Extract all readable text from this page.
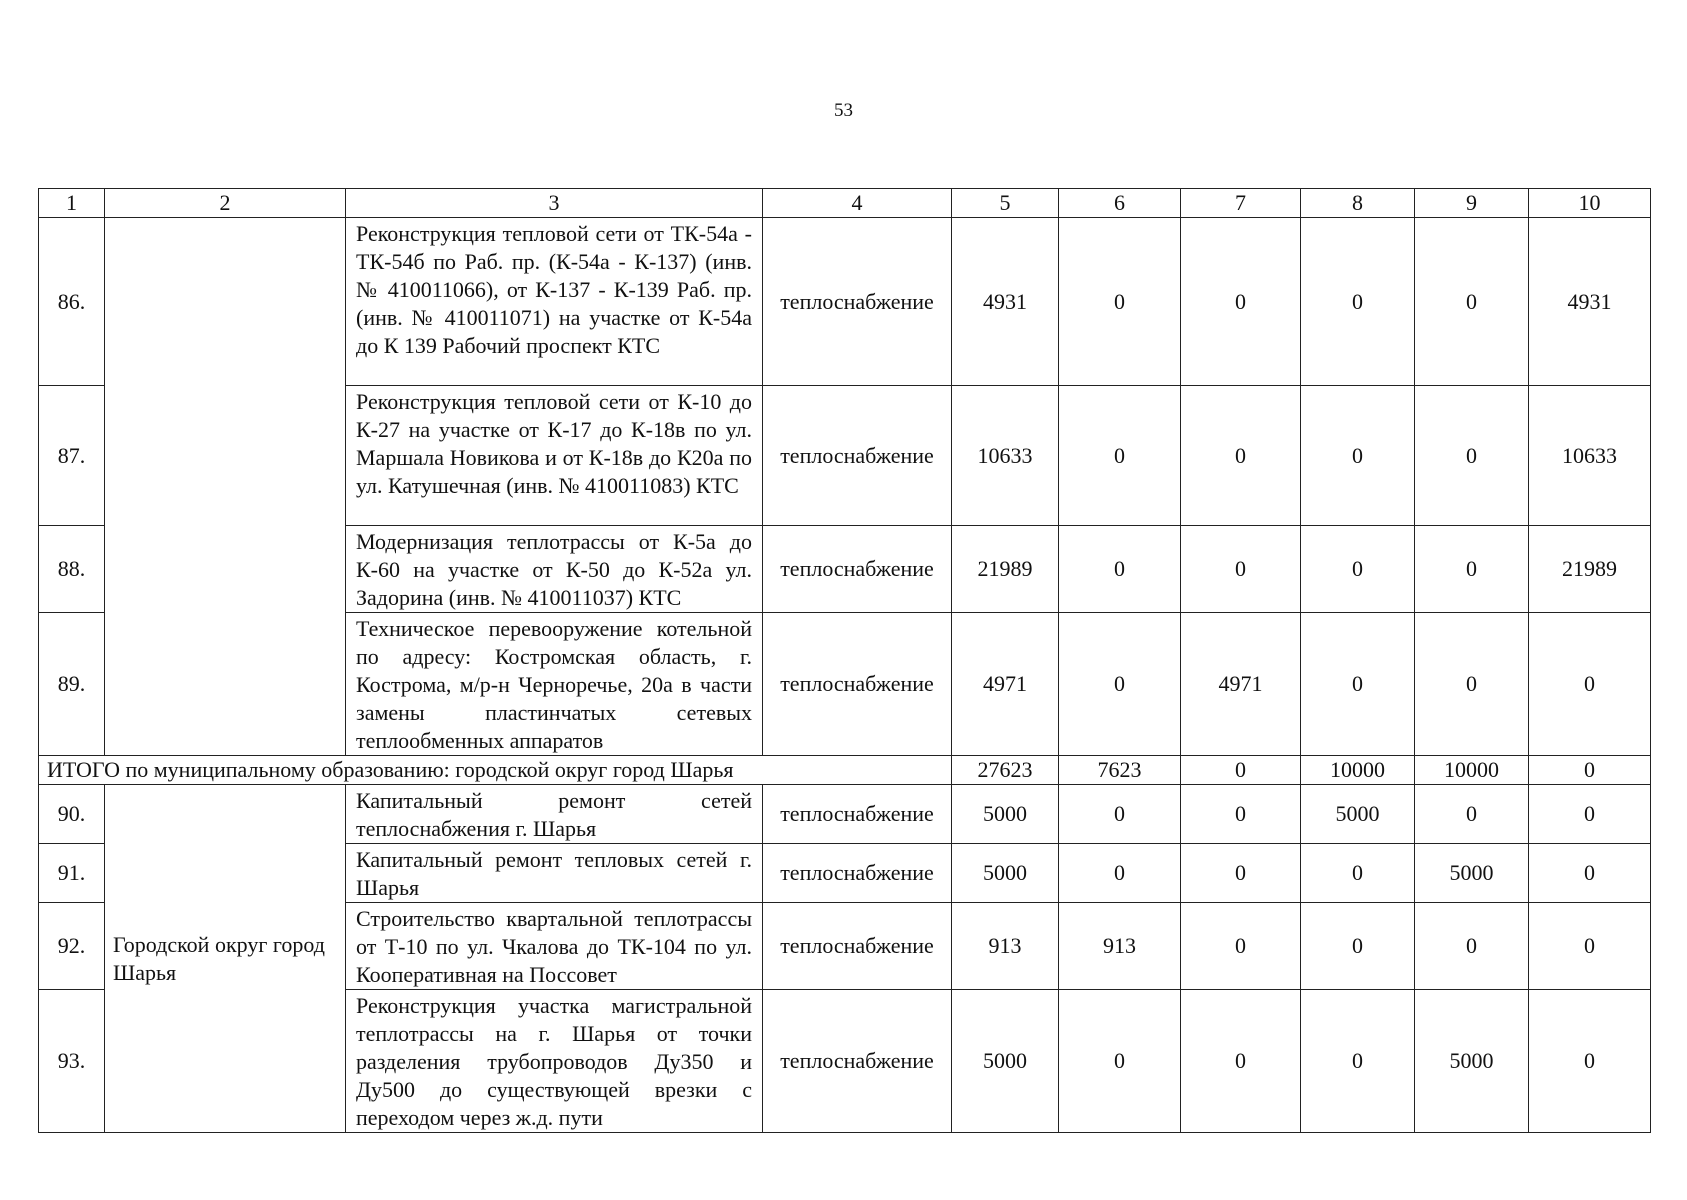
53
1	2	3	4	5	6	7	8	9	10
86.		Реконструкция тепловой сети от ТК-54а - ТК-54б по Раб. пр. (К-54а - К-137) (инв. № 410011066), от К-137 - К-139 Раб. пр. (инв. № 410011071) на участке от К-54а до К 139 Рабочий проспект КТС	теплоснабжение	4931	0	0	0	0	4931
87.		Реконструкция тепловой сети от К-10 до К-27 на участке от К-17 до К-18в по ул. Маршала Новикова и от К-18в до К20а по ул. Катушечная (инв. № 410011083) КТС	теплоснабжение	10633	0	0	0	0	10633
88.		Модернизация теплотрассы от К-5а до К-60 на участке от К-50 до К-52а ул. Задорина (инв. № 410011037) КТС	теплоснабжение	21989	0	0	0	0	21989
89.		Техническое перевооружение котельной по адресу: Костромская область, г. Кострома, м/р-н Черноречье, 20а в части замены пластинчатых сетевых теплообменных аппаратов	теплоснабжение	4971	0	4971	0	0	0
ИТОГО по муниципальному образованию: городской округ город Шарья				27623	7623	0	10000	10000	0
90.	Городской округ город Шарья	Капитальный ремонт сетей теплоснабжения г. Шарья	теплоснабжение	5000	0	0	5000	0	0
91.		Капитальный ремонт тепловых сетей г. Шарья	теплоснабжение	5000	0	0	0	5000	0
92.		Строительство квартальной теплотрассы от Т-10 по ул. Чкалова до ТК-104 по ул. Кооперативная на Поссовет	теплоснабжение	913	913	0	0	0	0
93.		Реконструкция участка магистральной теплотрассы на г. Шарья от точки разделения трубопроводов Ду350 и Ду500 до существующей врезки с переходом через ж.д. пути	теплоснабжение	5000	0	0	0	5000	0
